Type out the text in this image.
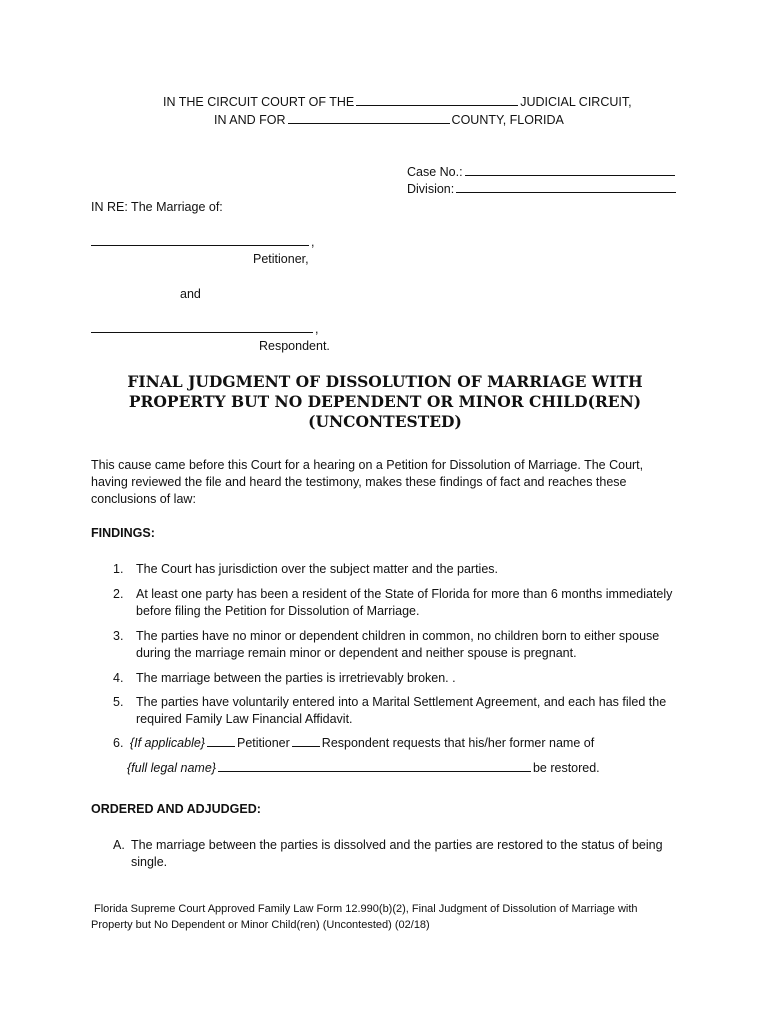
IN THE CIRCUIT COURT OF THE	JUDICIAL CIRCUIT,
IN AND FOR	COUNTY, FLORIDA
Case No.:
Division:
IN RE: The Marriage of:
,
Petitioner,
and
,
Respondent.
FINAL JUDGMENT OF DISSOLUTION OF MARRIAGE WITH
PROPERTY BUT NO DEPENDENT OR MINOR CHILD(REN)
(UNCONTESTED)
This cause came before this Court for a hearing on a Petition for Dissolution of Marriage. The Court, having reviewed the file and heard the testimony, makes these findings of fact and reaches these conclusions of law:
FINDINGS:
1. The Court has jurisdiction over the subject matter and the parties.
2. At least one party has been a resident of the State of Florida for more than 6 months immediately before filing the Petition for Dissolution of Marriage.
3. The parties have no minor or dependent children in common, no children born to either spouse during the marriage remain minor or dependent and neither spouse is pregnant.
4. The marriage between the parties is irretrievably broken. .
5. The parties have voluntarily entered into a Marital Settlement Agreement, and each has filed the required Family Law Financial Affidavit.
6. {If applicable}	Petitioner	Respondent requests that his/her former name of
{full legal name}	be restored.
ORDERED AND ADJUDGED:
A. The marriage between the parties is dissolved and the parties are restored to the status of being single.
Florida Supreme Court Approved Family Law Form 12.990(b)(2), Final Judgment of Dissolution of Marriage with
Property but No Dependent or Minor Child(ren) (Uncontested) (02/18)
